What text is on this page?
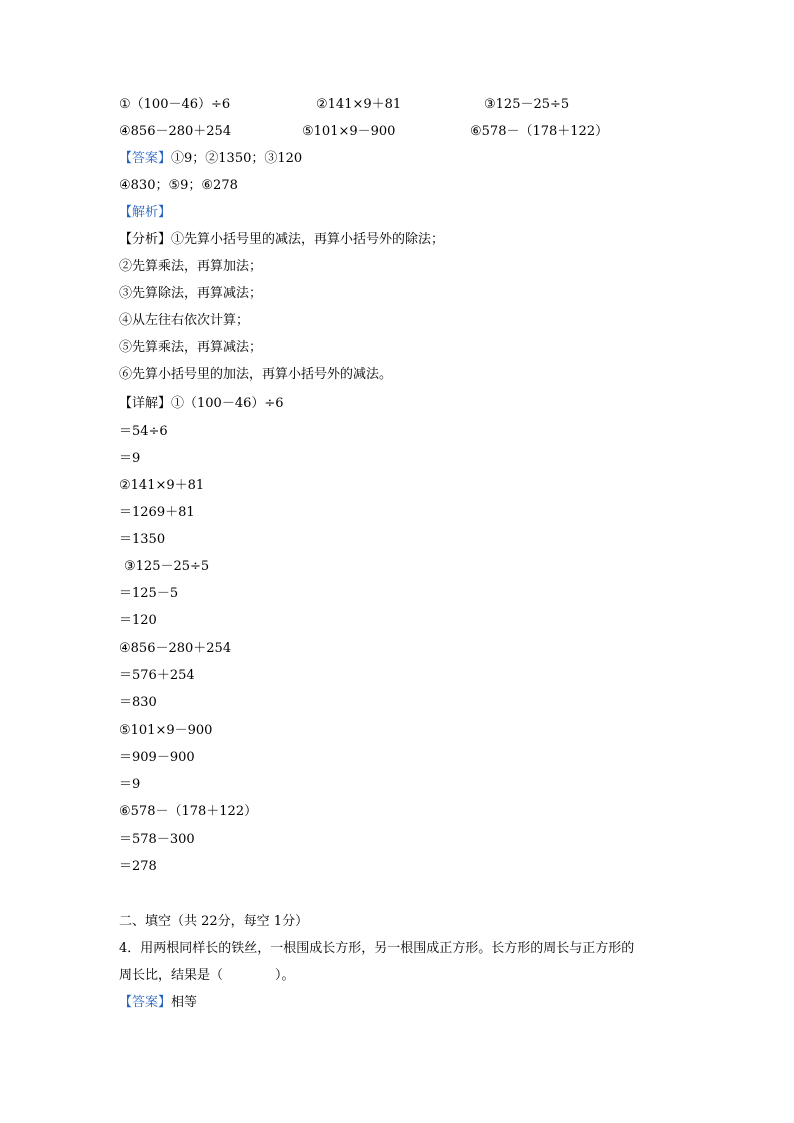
①（100－46）÷6	②141×9＋81	③125－25÷5
④856－280＋254	⑤101×9－900	⑥578－（178＋122）
【答案】①9；②1350；③120
④830；⑤9；⑥278
【解析】
【分析】①先算小括号里的减法，再算小括号外的除法；
②先算乘法，再算加法；
③先算除法，再算减法；
④从左往右依次计算；
⑤先算乘法，再算减法；
⑥先算小括号里的加法，再算小括号外的减法。
【详解】①（100－46）÷6
＝54÷6
＝9
②141×9＋81
＝1269＋81
＝1350
③125－25÷5
＝125－5
＝120
④856－280＋254
＝576＋254
＝830
⑤101×9－900
＝909－900
＝9
⑥578－（178＋122）
＝578－300
＝278
二、填空（共 22分，每空 1分）
4．用两根同样长的铁丝，一根围成长方形，另一根围成正方形。长方形的周长与正方形的
周长比，结果是（　　　　）。
【答案】相等
